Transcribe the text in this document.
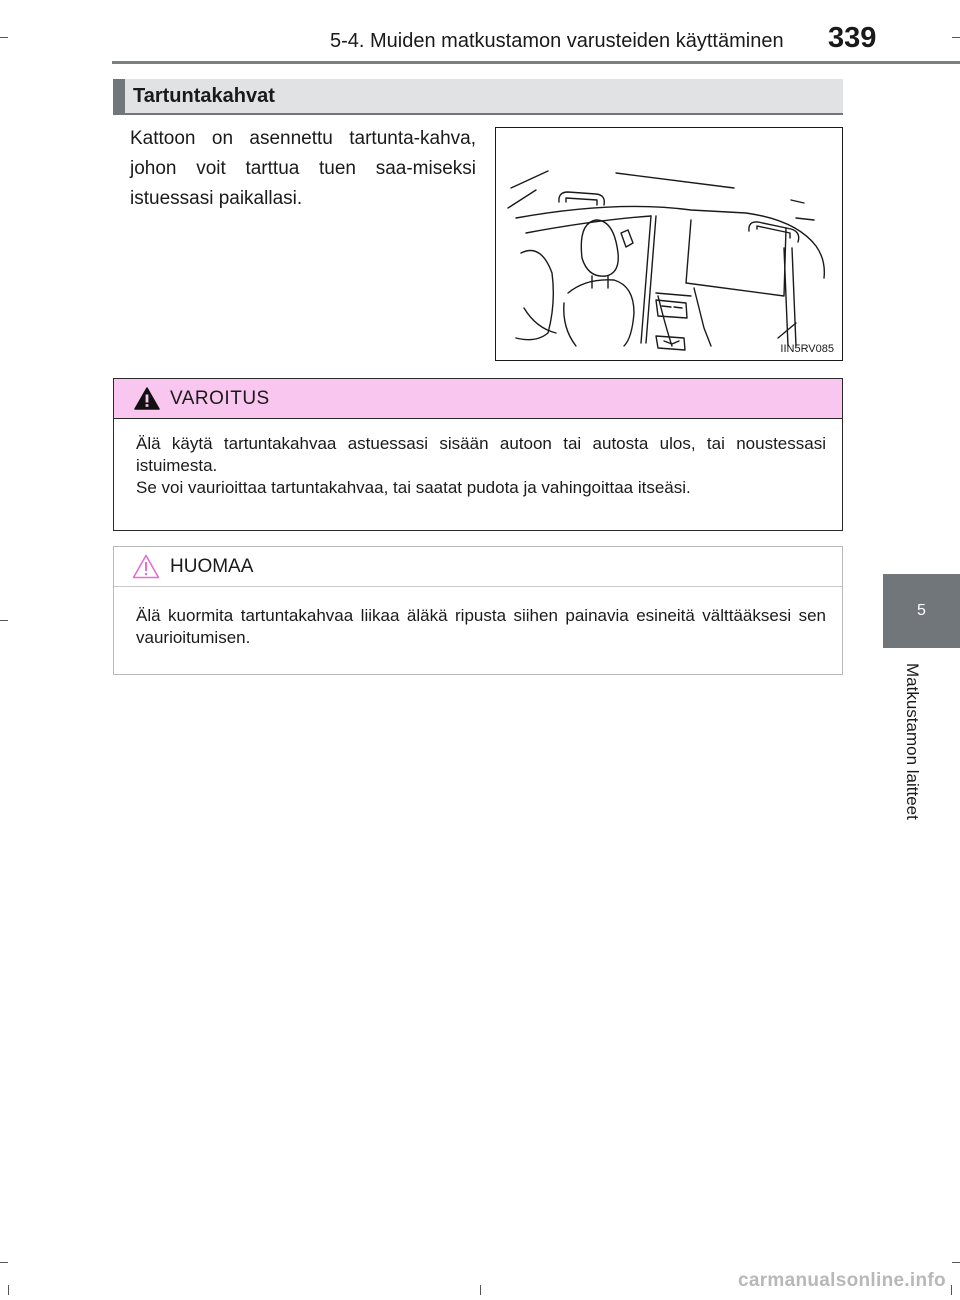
5-4. Muiden matkustamon varusteiden käyttäminen 339
5
Matkustamon laitteet
Tartuntakahvat
Kattoon on asennettu tartunta-kahva, johon voit tarttua tuen saa-miseksi istuessasi paikallasi.
IIN5RV085
VAROITUS

Älä käytä tartuntakahvaa astuessasi sisään autoon tai autosta ulos, tai noustessasi istuimesta.

Se voi vaurioittaa tartuntakahvaa, tai saatat pudota ja vahingoittaa itseäsi.

HUOMAA

Älä kuormita tartuntakahvaa liikaa äläkä ripusta siihen painavia esineitä välttääksesi sen vaurioitumisen.

carmanualsonline.info
